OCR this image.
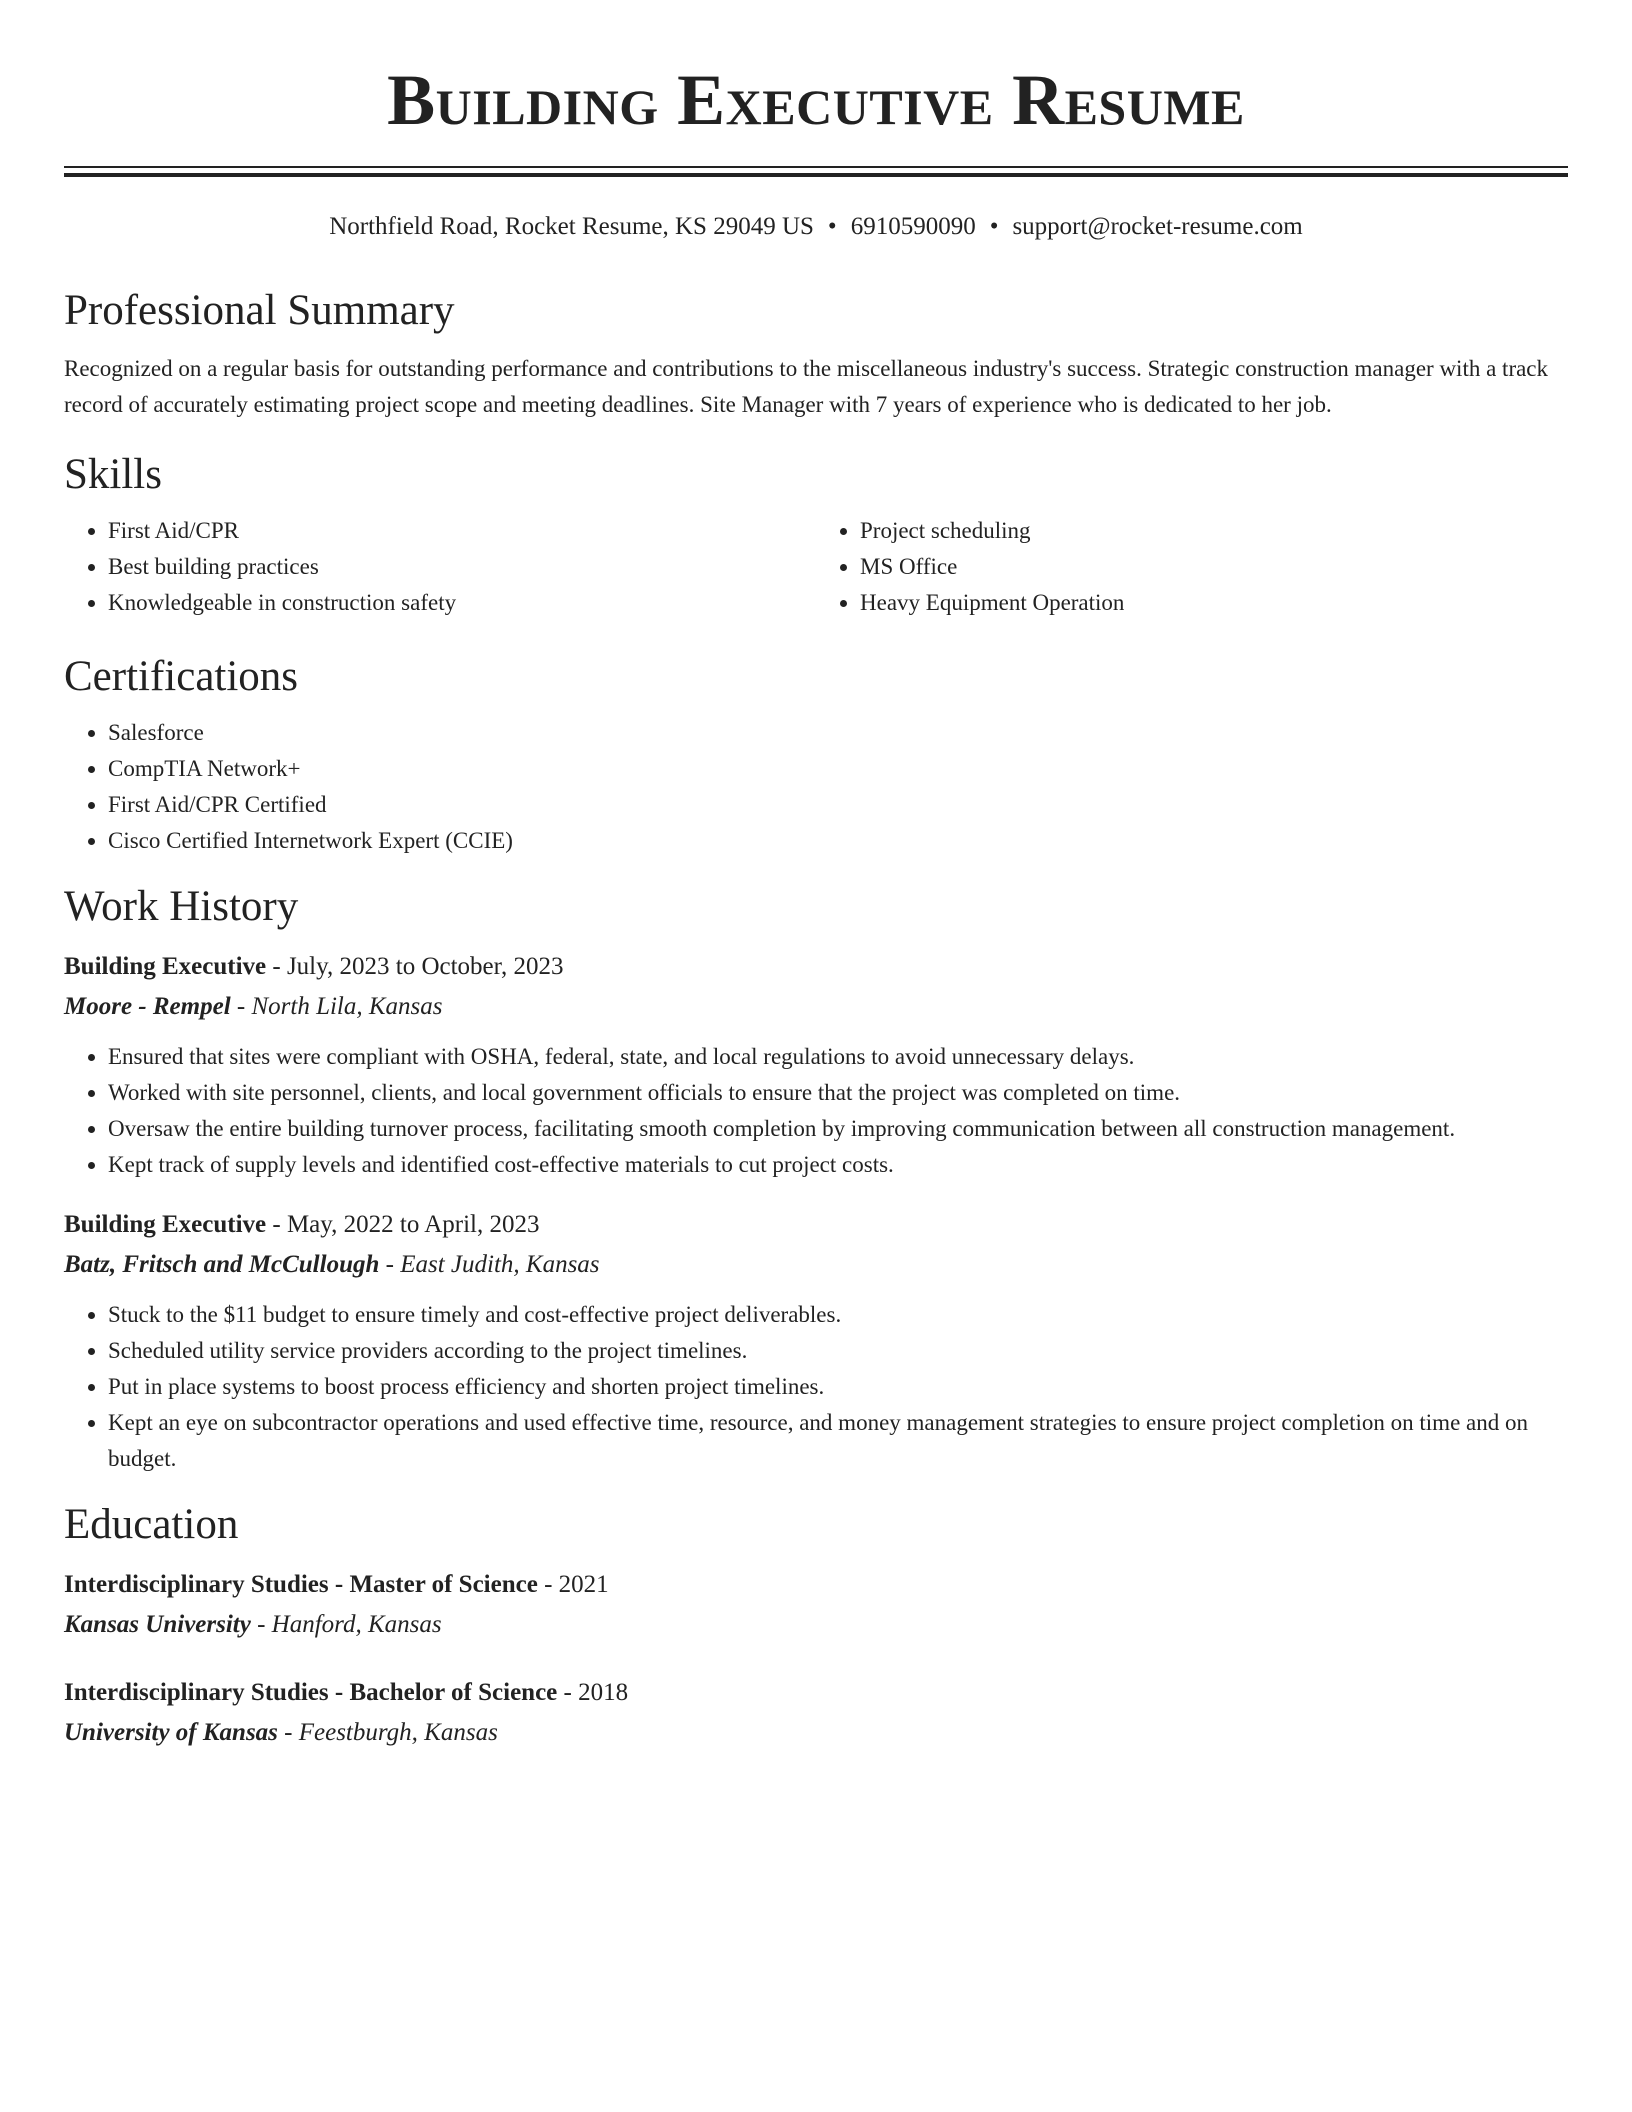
Building Executive Resume
Northfield Road, Rocket Resume, KS 29049 US • 6910590090 • support@rocket-resume.com
Professional Summary

Recognized on a regular basis for outstanding performance and contributions to the miscellaneous industry's success. Strategic construction manager with a track record of accurately estimating project scope and meeting deadlines. Site Manager with 7 years of experience who is dedicated to her job.

Skills
• First Aid/CPR
• Best building practices
• Knowledgeable in construction safety
• Project scheduling
• MS Office
• Heavy Equipment Operation
Certifications
• Salesforce
• CompTIA Network+
• First Aid/CPR Certified
• Cisco Certified Internetwork Expert (CCIE)
Work History
Building Executive - July, 2023 to October, 2023
Moore - Rempel - North Lila, Kansas
• Ensured that sites were compliant with OSHA, federal, state, and local regulations to avoid unnecessary delays.
• Worked with site personnel, clients, and local government officials to ensure that the project was completed on time.
• Oversaw the entire building turnover process, facilitating smooth completion by improving communication between all construction management.
• Kept track of supply levels and identified cost-effective materials to cut project costs.
Building Executive - May, 2022 to April, 2023
Batz, Fritsch and McCullough - East Judith, Kansas
• Stuck to the $11 budget to ensure timely and cost-effective project deliverables.
• Scheduled utility service providers according to the project timelines.
• Put in place systems to boost process efficiency and shorten project timelines.
• Kept an eye on subcontractor operations and used effective time, resource, and money management strategies to ensure project completion on time and on budget.
Education
Interdisciplinary Studies - Master of Science - 2021
Kansas University - Hanford, Kansas
Interdisciplinary Studies - Bachelor of Science - 2018
University of Kansas - Feestburgh, Kansas
